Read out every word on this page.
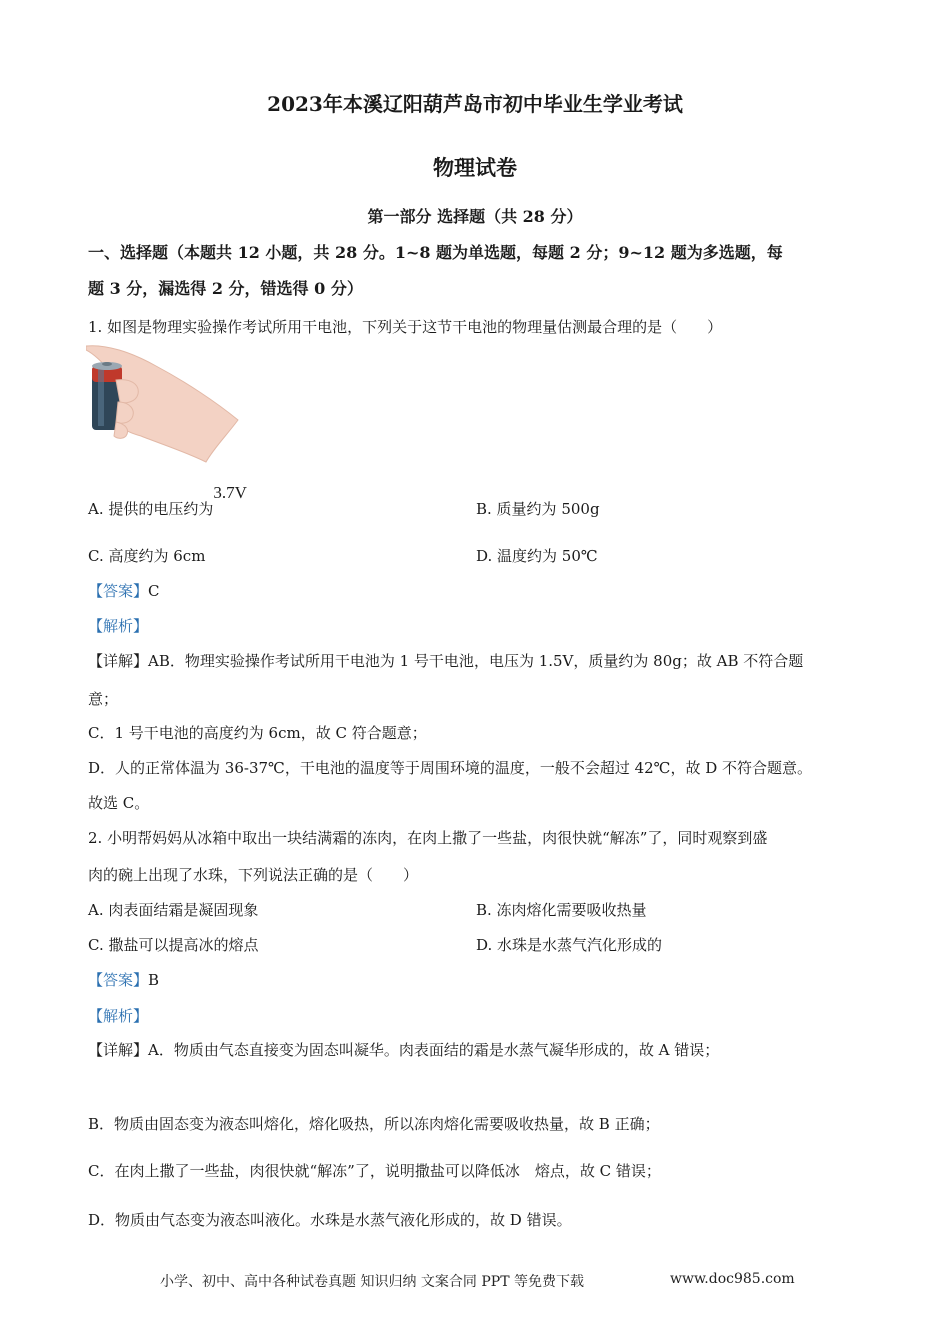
2023年本溪辽阳葫芦岛市初中毕业生学业考试
物理试卷
第一部分 选择题（共 28 分）
一、选择题（本题共 12 小题，共 28 分。1~8 题为单选题，每题 2 分；9~12 题为多选题，每
题 3 分，漏选得 2 分，错选得 0 分）
1. 如图是物理实验操作考试所用干电池，下列关于这节干电池的物理量估测最合理的是（　　）
A. 提供的电压约为3.7V
B. 质量约为 500g
C. 高度约为 6cm	D. 温度约为 50℃
【答案】C
【解析】
【详解】AB．物理实验操作考试所用干电池为 1 号干电池，电压为 1.5V，质量约为 80g；故 AB 不符合题
意；
C．1 号干电池的高度约为 6cm，故 C 符合题意；
D．人的正常体温为 36-37℃，干电池的温度等于周围环境的温度，一般不会超过 42℃，故 D 不符合题意。
故选 C。
2. 小明帮妈妈从冰箱中取出一块结满霜的冻肉，在肉上撒了一些盐，肉很快就“解冻”了，同时观察到盛
肉的碗上出现了水珠，下列说法正确的是（　　）
A. 肉表面结霜是凝固现象	B. 冻肉熔化需要吸收热量
C. 撒盐可以提高冰的熔点	D. 水珠是水蒸气汽化形成的
【答案】B
【解析】
【详解】A．物质由气态直接变为固态叫凝华。肉表面结的霜是水蒸气凝华形成的，故 A 错误；
B．物质由固态变为液态叫熔化，熔化吸热，所以冻肉熔化需要吸收热量，故 B 正确；
C．在肉上撒了一些盐，肉很快就“解冻”了，说明撒盐可以降低冰　熔点，故 C 错误；
D．物质由气态变为液态叫液化。水珠是水蒸气液化形成的，故 D 错误。
小学、初中、高中各种试卷真题 知识归纳 文案合同 PPT 等免费下载	www.doc985.com
